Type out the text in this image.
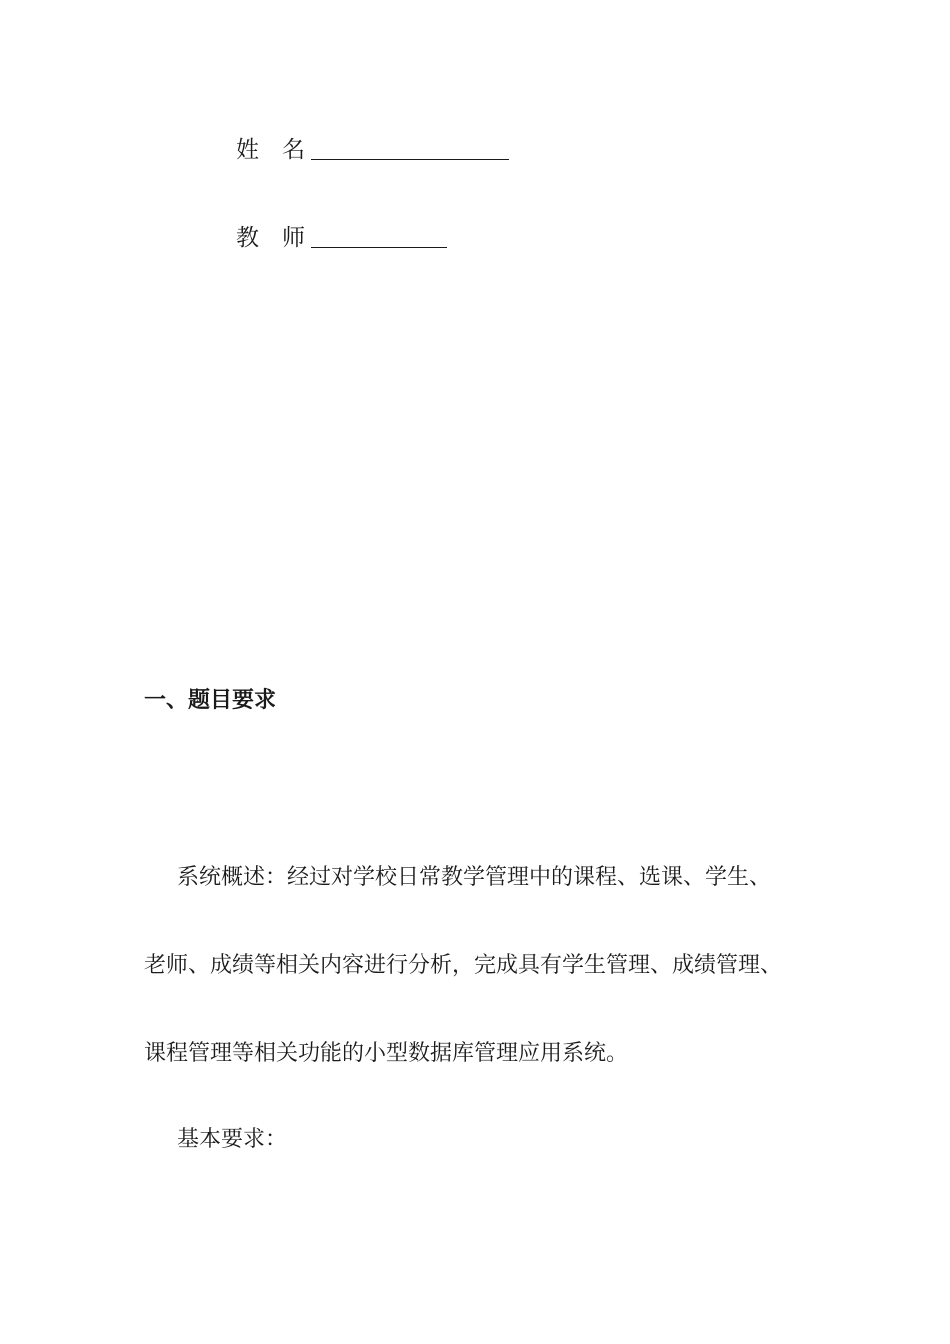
姓　名
教　师
一、题目要求
系统概述：经过对学校日常教学管理中的课程、选课、学生、
老师、成绩等相关内容进行分析，完成具有学生管理、成绩管理、
课程管理等相关功能的小型数据库管理应用系统。
基本要求：
